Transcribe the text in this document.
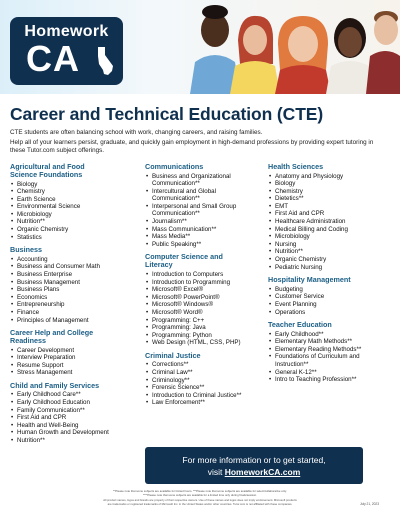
Homework
CA
Career and Technical Education (CTE)
CTE students are often balancing school with work, changing careers, and raising families.
Help all of your learners persist, graduate, and quickly gain employment in high-demand professions by providing expert tutoring in these Tutor.com subject offerings.
Agricultural and Food
Science Foundations
• Biology
• Chemistry
• Earth Science
• Environmental Science
• Microbiology
• Nutrition**
• Organic Chemistry
• Statistics
Business
• Accounting
• Business and Consumer Math
• Business Enterprise
• Business Management
• Business Plans
• Economics
• Entrepreneurship
• Finance
• Principles of Management
Career Help and College
Readiness
• Career Development
• Interview Preparation
• Resume Support
• Stress Management
Child and Family Services
• Early Childhood Care**
• Early Childhood Education
• Family Communication**
• First Aid and CPR
• Health and Well-Being
• Human Growth and Development
• Nutrition**
Communications
• Business and Organizational
Communication**
• Intercultural and Global
Communication**
• Interpersonal and Small Group
Communication**
• Journalism**
• Mass Communication**
• Mass Media**
• Public Speaking**
Computer Science and
Literacy
• Introduction to Computers
• Introduction to Programming
• Microsoft® Excel®
• Microsoft® PowerPoint®
• Microsoft® Windows®
• Microsoft® Word®
• Programming: C++
• Programming: Java
• Programming: Python
• Web Design (HTML, CSS, PHP)
Criminal Justice
• Corrections**
• Criminal Law**
• Criminology**
• Forensic Science**
• Introduction to Criminal Justice**
• Law Enforcement**
Health Sciences
• Anatomy and Physiology
• Biology
• Chemistry
• Dietetics**
• EMT
• First Aid and CPR
• Healthcare Administration
• Medical Billing and Coding
• Microbiology
• Nursing
• Nutrition**
• Organic Chemistry
• Pediatric Nursing
Hospitality Management
• Budgeting
• Customer Service
• Event Planning
• Operations
Teacher Education
• Early Childhood**
• Elementary Math Methods**
• Elementary Reading Methods**
• Foundations of Curriculum and
Instruction**
• General K-12**
• Intro to Teaching Profession**
For more information or to get started,
visit HomeworkCA.com
**Please note that some subjects are available for limited hours. ***Please note that some subjects are available for select/collaborative only.
****Please note that some subjects are available for a limited time only during finals/session.
All product names, logos and brands are property of their respective owners. Use of these names and logos does not imply endorsement. Microsoft products
are trademarks or registered trademarks of Microsoft Inc. in the United States and/or other countries. Tutor.com is not affiliated with these companies.	July 21, 2023
